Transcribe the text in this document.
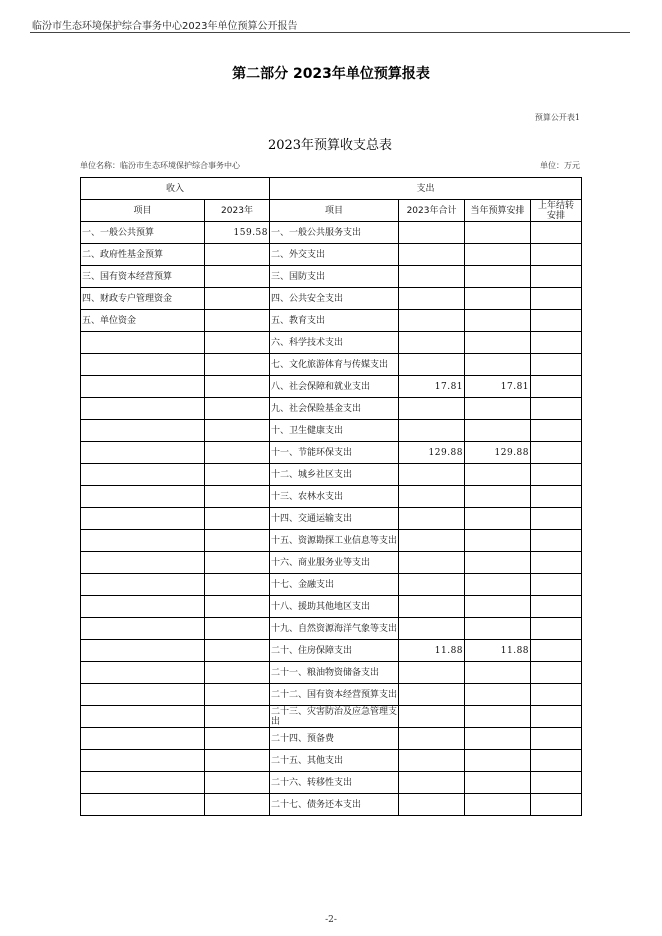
临汾市生态环境保护综合事务中心2023年单位预算公开报告
第二部分 2023年单位预算报表
预算公开表1
2023年预算收支总表
单位名称：临汾市生态环境保护综合事务中心	单位：万元
收入		支出			
项目	2023年	项目	2023年合计	当年预算安排	上年结转
安排
一、一般公共预算	159.58	一、一般公共服务支出			
二、政府性基金预算		二、外交支出			
三、国有资本经营预算		三、国防支出			
四、财政专户管理资金		四、公共安全支出			
五、单位资金		五、教育支出			
		六、科学技术支出			
		七、文化旅游体育与传媒支出			
		八、社会保障和就业支出	17.81	17.81	
		九、社会保险基金支出			
		十、卫生健康支出			
		十一、节能环保支出	129.88	129.88	
		十二、城乡社区支出			
		十三、农林水支出			
		十四、交通运输支出			
		十五、资源勘探工业信息等支出			
		十六、商业服务业等支出			
		十七、金融支出			
		十八、援助其他地区支出			
		十九、自然资源海洋气象等支出			
		二十、住房保障支出	11.88	11.88	
		二十一、粮油物资储备支出			
		二十二、国有资本经营预算支出			
		二十三、灾害防治及应急管理支出			
		二十四、预备费			
		二十五、其他支出			
		二十六、转移性支出			
		二十七、债务还本支出			
-2-
